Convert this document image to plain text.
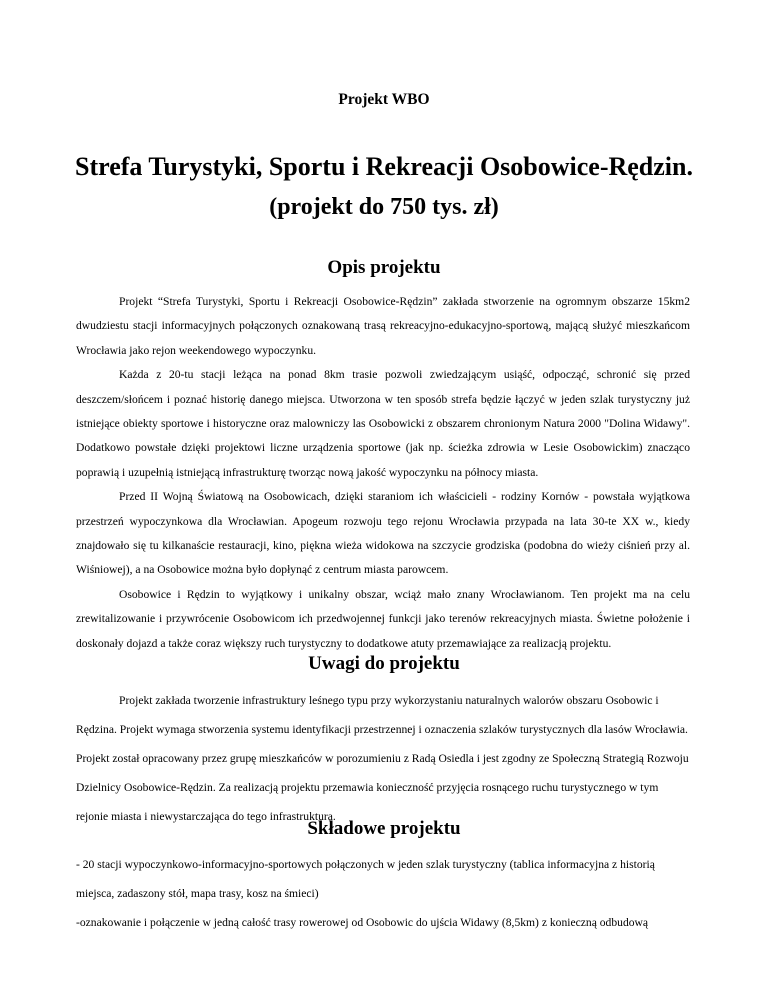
Projekt WBO
Strefa Turystyki, Sportu i Rekreacji Osobowice-Rędzin.
(projekt do 750 tys. zł)
Opis projektu

Projekt “Strefa Turystyki, Sportu i Rekreacji Osobowice-Rędzin” zakłada stworzenie na ogromnym obszarze 15km2 dwudziestu stacji informacyjnych połączonych oznakowaną trasą rekreacyjno-edukacyjno-sportową, mającą służyć mieszkańcom Wrocławia jako rejon weekendowego wypoczynku.

Każda z 20-tu stacji leżąca na ponad 8km trasie pozwoli zwiedzającym usiąść, odpocząć, schronić się przed deszczem/słońcem i poznać historię danego miejsca. Utworzona w ten sposób strefa będzie łączyć w jeden szlak turystyczny już istniejące obiekty sportowe i historyczne oraz malowniczy las Osobowicki z obszarem chronionym Natura 2000 "Dolina Widawy". Dodatkowo powstałe dzięki projektowi liczne urządzenia sportowe (jak np. ścieżka zdrowia w Lesie Osobowickim) znacząco poprawią i uzupełnią istniejącą infrastrukturę tworząc nową jakość wypoczynku na północy miasta.

Przed II Wojną Światową na Osobowicach, dzięki staraniom ich właścicieli - rodziny Kornów - powstała wyjątkowa przestrzeń wypoczynkowa dla Wrocławian. Apogeum rozwoju tego rejonu Wrocławia przypada na lata 30-te XX w., kiedy znajdowało się tu kilkanaście restauracji, kino, piękna wieża widokowa na szczycie grodziska (podobna do wieży ciśnień przy al. Wiśniowej), a na Osobowice można było dopłynąć z centrum miasta parowcem.

Osobowice i Rędzin to wyjątkowy i unikalny obszar, wciąż mało znany Wrocławianom. Ten projekt ma na celu zrewitalizowanie i przywrócenie Osobowicom ich przedwojennej funkcji jako terenów rekreacyjnych miasta. Świetne położenie i doskonały dojazd a także coraz większy ruch turystyczny to dodatkowe atuty przemawiające za realizacją projektu.

Uwagi do projektu

Projekt zakłada tworzenie infrastruktury leśnego typu przy wykorzystaniu naturalnych walorów obszaru Osobowic i Rędzina. Projekt wymaga stworzenia systemu identyfikacji przestrzennej i oznaczenia szlaków turystycznych dla lasów Wrocławia. Projekt został opracowany przez grupę mieszkańców w porozumieniu z Radą Osiedla i jest zgodny ze Społeczną Strategią Rozwoju Dzielnicy Osobowice-Rędzin. Za realizacją projektu przemawia konieczność przyjęcia rosnącego ruchu turystycznego w tym rejonie miasta i niewystarczająca do tego infrastruktura.

Składowe projektu

- 20 stacji wypoczynkowo-informacyjno-sportowych połączonych w jeden szlak turystyczny (tablica informacyjna z historią miejsca, zadaszony stół, mapa trasy, kosz na śmieci)

-oznakowanie i połączenie w jedną całość trasy rowerowej od Osobowic do ujścia Widawy (8,5km) z konieczną odbudową
